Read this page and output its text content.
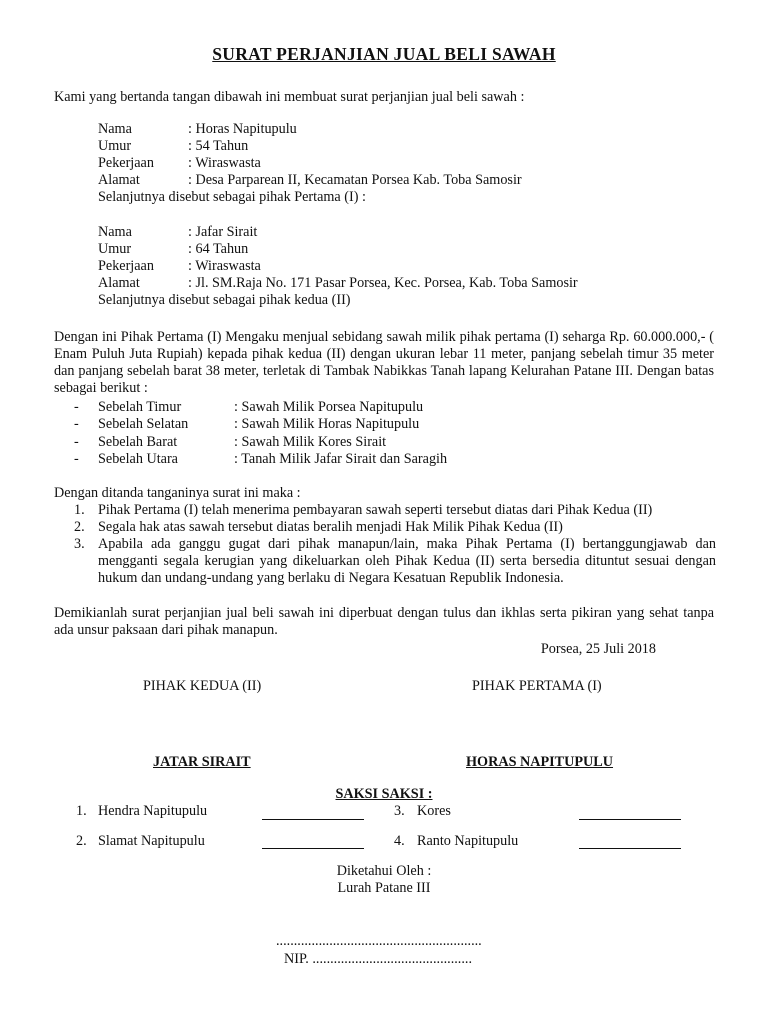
SURAT PERJANJIAN JUAL BELI SAWAH
Kami yang bertanda tangan dibawah ini membuat surat perjanjian jual beli sawah :
Nama	: Horas Napitupulu
Umur	: 54 Tahun
Pekerjaan : Wiraswasta
Alamat	: Desa Parparean II, Kecamatan Porsea Kab. Toba Samosir
Selanjutnya disebut sebagai pihak Pertama (I) :
Nama	: Jafar Sirait
Umur	: 64 Tahun
Pekerjaan : Wiraswasta
Alamat	: Jl. SM.Raja No. 171 Pasar Porsea, Kec. Porsea, Kab. Toba Samosir
Selanjutnya disebut sebagai pihak kedua (II)
Dengan ini Pihak Pertama (I) Mengaku menjual sebidang sawah milik pihak pertama (I) seharga Rp. 60.000.000,- ( Enam Puluh Juta Rupiah) kepada pihak kedua (II) dengan ukuran lebar 11 meter, panjang sebelah timur 35 meter dan panjang sebelah barat 38 meter, terletak di Tambak Nabikkas Tanah lapang Kelurahan Patane III. Dengan batas sebagai berikut :
- Sebelah Timur	: Sawah Milik Porsea Napitupulu
- Sebelah Selatan	: Sawah Milik Horas Napitupulu
- Sebelah Barat	: Sawah Milik Kores Sirait
- Sebelah Utara	: Tanah Milik Jafar Sirait dan Saragih
Dengan ditanda tanganinya surat ini maka :
1. Pihak Pertama (I) telah menerima pembayaran sawah seperti tersebut diatas dari Pihak Kedua (II)
2. Segala hak atas sawah tersebut diatas beralih menjadi Hak Milik Pihak Kedua (II)
3. Apabila ada ganggu gugat dari pihak manapun/lain, maka Pihak Pertama (I) bertanggungjawab dan mengganti segala kerugian yang dikeluarkan oleh Pihak Kedua (II) serta bersedia dituntut sesuai dengan hukum dan undang-undang yang berlaku di Negara Kesatuan Republik Indonesia.
Demikianlah surat perjanjian jual beli sawah ini diperbuat dengan tulus dan ikhlas serta pikiran yang sehat tanpa ada unsur paksaan dari pihak manapun.
Porsea, 25 Juli 2018
PIHAK KEDUA (II)	PIHAK PERTAMA (I)
JATAR SIRAIT	HORAS NAPITUPULU
SAKSI SAKSI :
1. Hendra Napitupulu	3. Kores
2. Slamat Napitupulu	4. Ranto Napitupulu
Diketahui Oleh :
Lurah Patane III
..........................................................
NIP. .............................................
